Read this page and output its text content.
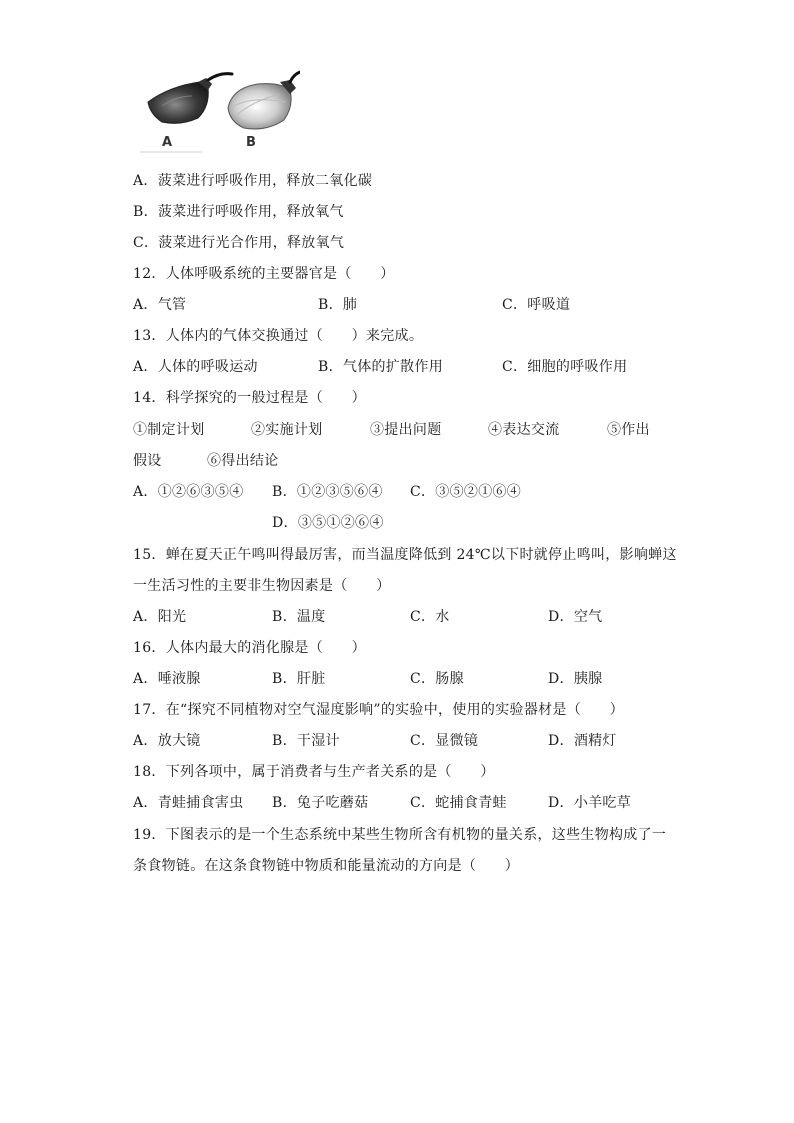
A	B
A．菠菜进行呼吸作用，释放二氧化碳
B．菠菜进行呼吸作用，释放氧气
C．菠菜进行光合作用，释放氧气
12．人体呼吸系统的主要器官是（　　）
A．气管	B．肺	C．呼吸道
13．人体内的气体交换通过（　　）来完成。
A．人体的呼吸运动	B．气体的扩散作用	C．细胞的呼吸作用
14．科学探究的一般过程是（　　）
①制定计划	②实施计划	③提出问题	④表达交流	⑤作出
假设	⑥得出结论
A．①②⑥③⑤④ B．①②③⑤⑥④ C．③⑤②①⑥④
D．③⑤①②⑥④
15．蝉在夏天正午鸣叫得最厉害，而当温度降低到 24℃以下时就停止鸣叫，影响蝉这
一生活习性的主要非生物因素是（　　）
A．阳光	B．温度	C．水	D．空气
16．人体内最大的消化腺是（　　）
A．唾液腺	B．肝脏	C．肠腺	D．胰腺
17．在“探究不同植物对空气湿度影响”的实验中，使用的实验器材是（　　）
A．放大镜	B．干湿计	C．显微镜	D．酒精灯
18．下列各项中，属于消费者与生产者关系的是（　　）
A．青蛙捕食害虫 B．兔子吃蘑菇	C．蛇捕食青蛙	D．小羊吃草
19．下图表示的是一个生态系统中某些生物所含有机物的量关系，这些生物构成了一
条食物链。在这条食物链中物质和能量流动的方向是（　　）
